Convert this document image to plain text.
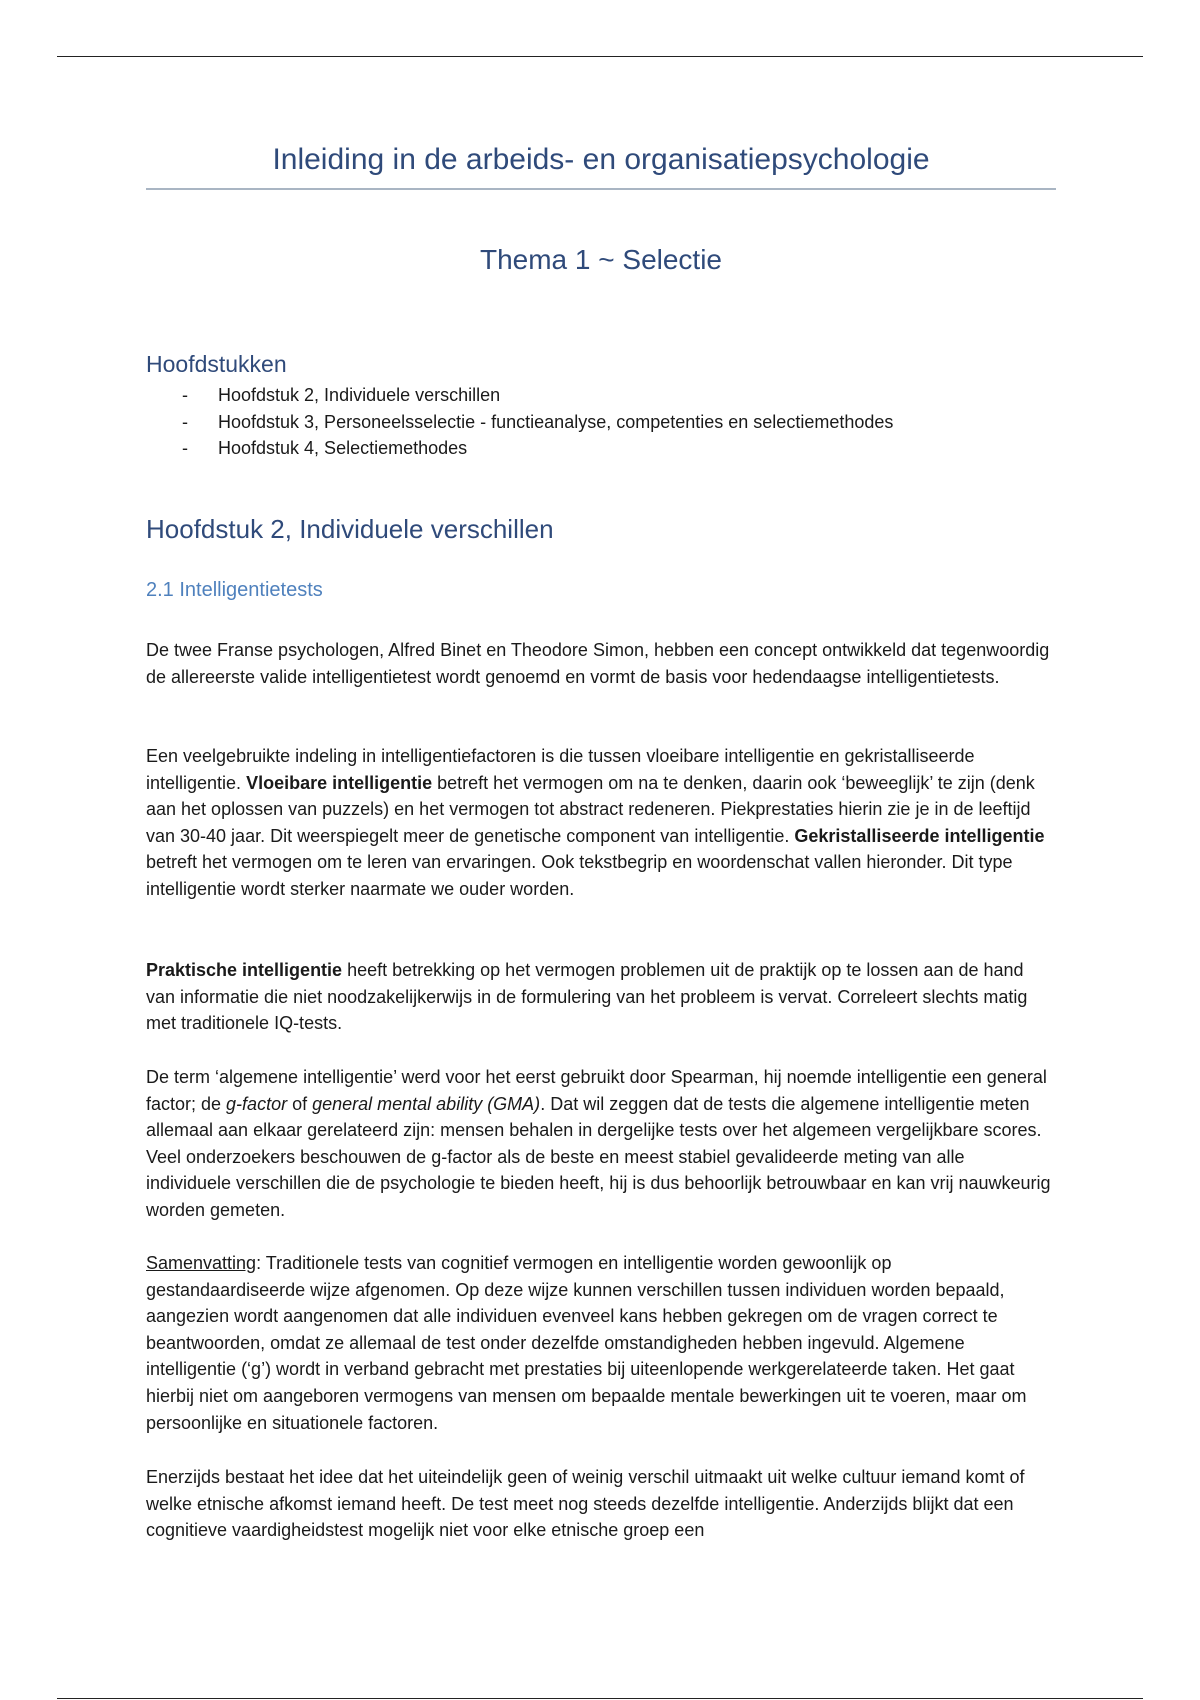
Inleiding in de arbeids- en organisatiepsychologie
Thema 1 ~ Selectie
Hoofdstukken
- Hoofdstuk 2, Individuele verschillen
- Hoofdstuk 3, Personeelsselectie - functieanalyse, competenties en selectiemethodes
- Hoofdstuk 4, Selectiemethodes
Hoofdstuk 2, Individuele verschillen
2.1 Intelligentietests

De twee Franse psychologen, Alfred Binet en Theodore Simon, hebben een concept ontwikkeld dat tegenwoordig de allereerste valide intelligentietest wordt genoemd en vormt de basis voor hedendaagse intelligentietests.

Een veelgebruikte indeling in intelligentiefactoren is die tussen vloeibare intelligentie en gekristalliseerde intelligentie. Vloeibare intelligentie betreft het vermogen om na te denken, daarin ook ‘beweeglijk’ te zijn (denk aan het oplossen van puzzels) en het vermogen tot abstract redeneren. Piekprestaties hierin zie je in de leeftijd van 30-40 jaar. Dit weerspiegelt meer de genetische component van intelligentie. Gekristalliseerde intelligentie betreft het vermogen om te leren van ervaringen. Ook tekstbegrip en woordenschat vallen hieronder. Dit type intelligentie wordt sterker naarmate we ouder worden.

Praktische intelligentie heeft betrekking op het vermogen problemen uit de praktijk op te lossen aan de hand van informatie die niet noodzakelijkerwijs in de formulering van het probleem is vervat. Correleert slechts matig met traditionele IQ-tests.

De term ‘algemene intelligentie’ werd voor het eerst gebruikt door Spearman, hij noemde intelligentie een general factor; de g-factor of general mental ability (GMA). Dat wil zeggen dat de tests die algemene intelligentie meten allemaal aan elkaar gerelateerd zijn: mensen behalen in dergelijke tests over het algemeen vergelijkbare scores. Veel onderzoekers beschouwen de g-factor als de beste en meest stabiel gevalideerde meting van alle individuele verschillen die de psychologie te bieden heeft, hij is dus behoorlijk betrouwbaar en kan vrij nauwkeurig worden gemeten.

Samenvatting: Traditionele tests van cognitief vermogen en intelligentie worden gewoonlijk op gestandaardiseerde wijze afgenomen. Op deze wijze kunnen verschillen tussen individuen worden bepaald, aangezien wordt aangenomen dat alle individuen evenveel kans hebben gekregen om de vragen correct te beantwoorden, omdat ze allemaal de test onder dezelfde omstandigheden hebben ingevuld. Algemene intelligentie (‘g’) wordt in verband gebracht met prestaties bij uiteenlopende werkgerelateerde taken. Het gaat hierbij niet om aangeboren vermogens van mensen om bepaalde mentale bewerkingen uit te voeren, maar om persoonlijke en situationele factoren.

Enerzijds bestaat het idee dat het uiteindelijk geen of weinig verschil uitmaakt uit welke cultuur iemand komt of welke etnische afkomst iemand heeft. De test meet nog steeds dezelfde intelligentie. Anderzijds blijkt dat een cognitieve vaardigheidstest mogelijk niet voor elke etnische groep een
